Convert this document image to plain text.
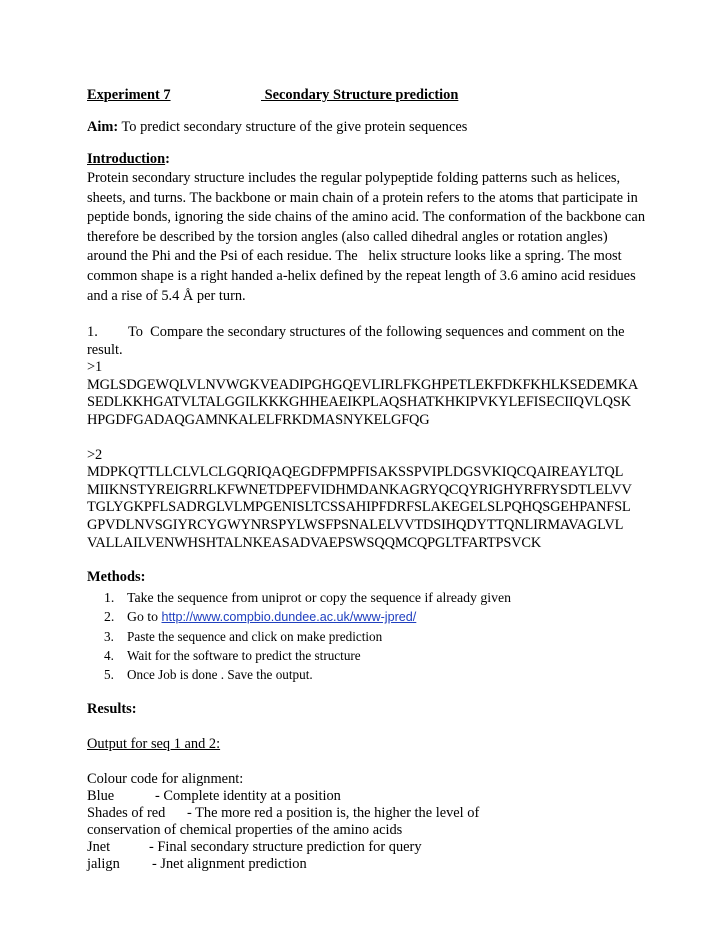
Experiment 7	Secondary Structure prediction
Aim: To predict secondary structure of the give protein sequences
Introduction:
Protein secondary structure includes the regular polypeptide folding patterns such as helices,
sheets, and turns. The backbone or main chain of a protein refers to the atoms that participate in
peptide bonds, ignoring the side chains of the amino acid. The conformation of the backbone can
therefore be described by the torsion angles (also called dihedral angles or rotation angles)
around the Phi and the Psi of each residue. The   helix structure looks like a spring. The most
common shape is a right handed a-helix defined by the repeat length of 3.6 amino acid residues
and a rise of 5.4 Å per turn.
1. To  Compare the secondary structures of the following sequences and comment on the
result.
>1
MGLSDGEWQLVLNVWGKVEADIPGHGQEVLIRLFKGHPETLEKFDKFKHLKSEDEMKA
SEDLKKHGATVLTALGGILKKKGHHEAEIKPLAQSHATKHKIPVKYLEFISECIIQVLQSK
HPGDFGADAQGAMNKALELFRKDMASNYKELGFQG
>2
MDPKQTTLLCLVLCLGQRIQAQEGDFPMPFISAKSSPVIPLDGSVKIQCQAIREAYLTQL
MIIKNSTYREIGRRLKFWNETDPEFVIDHMDANKAGRYQCQYRIGHYRFRYSDTLELVV
TGLYGKPFLSADRGLVLMPGENISLTCSSAHIPFDRFSLAKEGELSLPQHQSGEHPANFSL
GPVDLNVSGIYRCYGWYNRSPYLWSFPSNALELVVTDSIHQDYTTQNLIRMAVAGLVL
VALLAILVENWHSHTALNKEASADVAEPSWSQQMCQPGLTFARTPSVCK
Methods:
1. Take the sequence from uniprot or copy the sequence if already given
2. Go to http://www.compbio.dundee.ac.uk/www-jpred/
3. Paste the sequence and click on make prediction
4. Wait for the software to predict the structure
5. Once Job is done . Save the output.
Results:
Output for seq 1 and 2:
Colour code for alignment:
Blue	- Complete identity at a position
Shades of red - The more red a position is, the higher the level of
conservation of chemical properties of the amino acids
Jnet	- Final secondary structure prediction for query
jalign - Jnet alignment prediction
